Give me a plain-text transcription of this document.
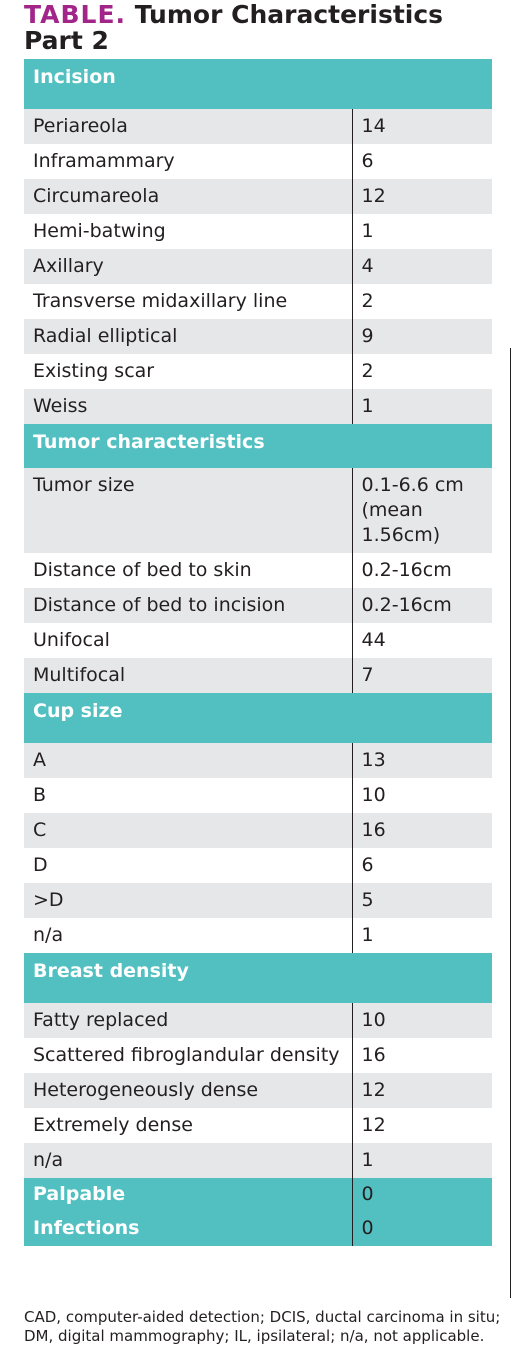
TABLE. Tumor Characteristics Part 2
Incision	
Periareola	14
Inframammary	6
Circumareola	12
Hemi-batwing	1
Axillary	4
Transverse midaxillary line	2
Radial elliptical	9
Existing scar	2
Weiss	1
Tumor characteristics	
Tumor size	0.1-6.6 cm (mean 1.56cm)
Distance of bed to skin	0.2-16cm
Distance of bed to incision	0.2-16cm
Unifocal	44
Multifocal	7
Cup size	
A	13
B	10
C	16
D	6
>D	5
n/a	1
Breast density	
Fatty replaced	10
Scattered fibroglandular density	16
Heterogeneously dense	12
Extremely dense	12
n/a	1
Palpable	0
Infections	0
CAD, computer-aided detection; DCIS, ductal carcinoma in situ; DM, digital mammography; IL, ipsilateral; n/a, not applicable.
